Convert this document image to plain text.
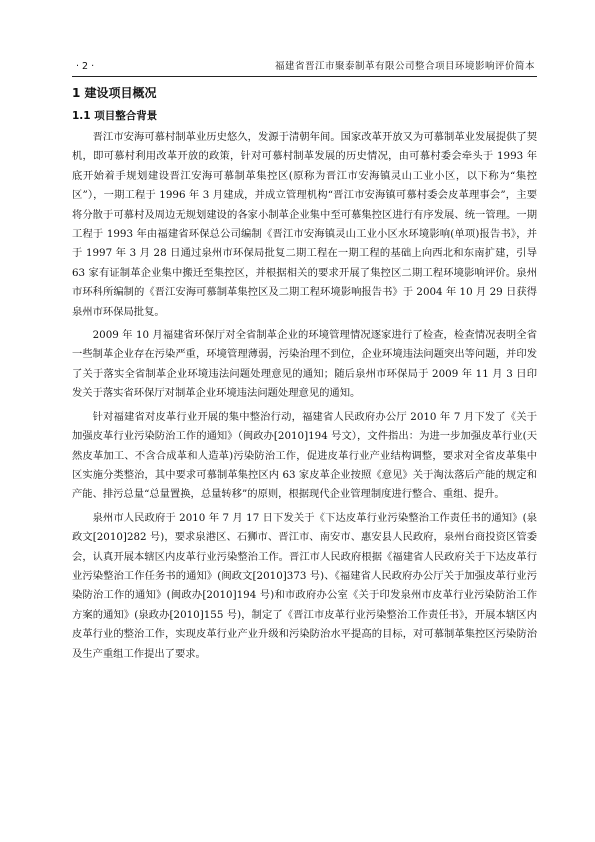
· 2 ·	福建省晋江市聚泰制革有限公司整合项目环境影响评价简本
1 建设项目概况
1.1 项目整合背景

晋江市安海可慕村制革业历史悠久，发源于清朝年间。国家改革开放又为可慕制革业发展提供了契机，即可慕村利用改革开放的政策，针对可慕村制革发展的历史情况，由可慕村委会牵头于 1993 年底开始着手规划建设晋江安海可慕制革集控区(原称为晋江市安海镇灵山工业小区，以下称为“集控区”），一期工程于 1996 年 3 月建成，并成立管理机构“晋江市安海镇可慕村委会皮革理事会”，主要将分散于可慕村及周边无规划建设的各家小制革企业集中至可慕集控区进行有序发展、统一管理。一期工程于 1993 年由福建省环保总公司编制《晋江市安海镇灵山工业小区水环境影响(单项)报告书》，并于 1997 年 3 月 28 日通过泉州市环保局批复二期工程在一期工程的基础上向西北和东南扩建，引导 63 家有证制革企业集中搬迁至集控区，并根据相关的要求开展了集控区二期工程环境影响评价。泉州市环科所编制的《晋江安海可慕制革集控区及二期工程环境影响报告书》于 2004 年 10 月 29 日获得泉州市环保局批复。

2009 年 10 月福建省环保厅对全省制革企业的环境管理情况逐家进行了检查，检查情况表明全省一些制革企业存在污染严重，环境管理薄弱，污染治理不到位，企业环境违法问题突出等问题，并印发了关于落实全省制革企业环境违法问题处理意见的通知；随后泉州市环保局于 2009 年 11 月 3 日印发关于落实省环保厅对制革企业环境违法问题处理意见的通知。

针对福建省对皮革行业开展的集中整治行动，福建省人民政府办公厅 2010 年 7 月下发了《关于加强皮革行业污染防治工作的通知》（闽政办[2010]194 号文），文件指出：为进一步加强皮革行业(天然皮革加工、不含合成革和人造革)污染防治工作，促进皮革行业产业结构调整，要求对全省皮革集中区实施分类整治，其中要求可慕制革集控区内 63 家皮革企业按照《意见》关于淘汰落后产能的规定和产能、排污总量“总量置换，总量转移”的原则，根据现代企业管理制度进行整合、重组、提升。

泉州市人民政府于 2010 年 7 月 17 日下发关于《下达皮革行业污染整治工作责任书的通知》(泉政文[2010]282 号)，要求泉港区、石狮市、晋江市、南安市、惠安县人民政府，泉州台商投资区管委会，认真开展本辖区内皮革行业污染整治工作。晋江市人民政府根据《福建省人民政府关于下达皮革行业污染整治工作任务书的通知》(闽政文[2010]373 号)、《福建省人民政府办公厅关于加强皮革行业污染防治工作的通知》(闽政办[2010]194 号)和市政府办公室《关于印发泉州市皮革行业污染防治工作方案的通知》(泉政办[2010]155 号)，制定了《晋江市皮革行业污染整治工作责任书》，开展本辖区内皮革行业的整治工作，实现皮革行业产业升级和污染防治水平提高的目标，对可慕制革集控区污染防治及生产重组工作提出了要求。
